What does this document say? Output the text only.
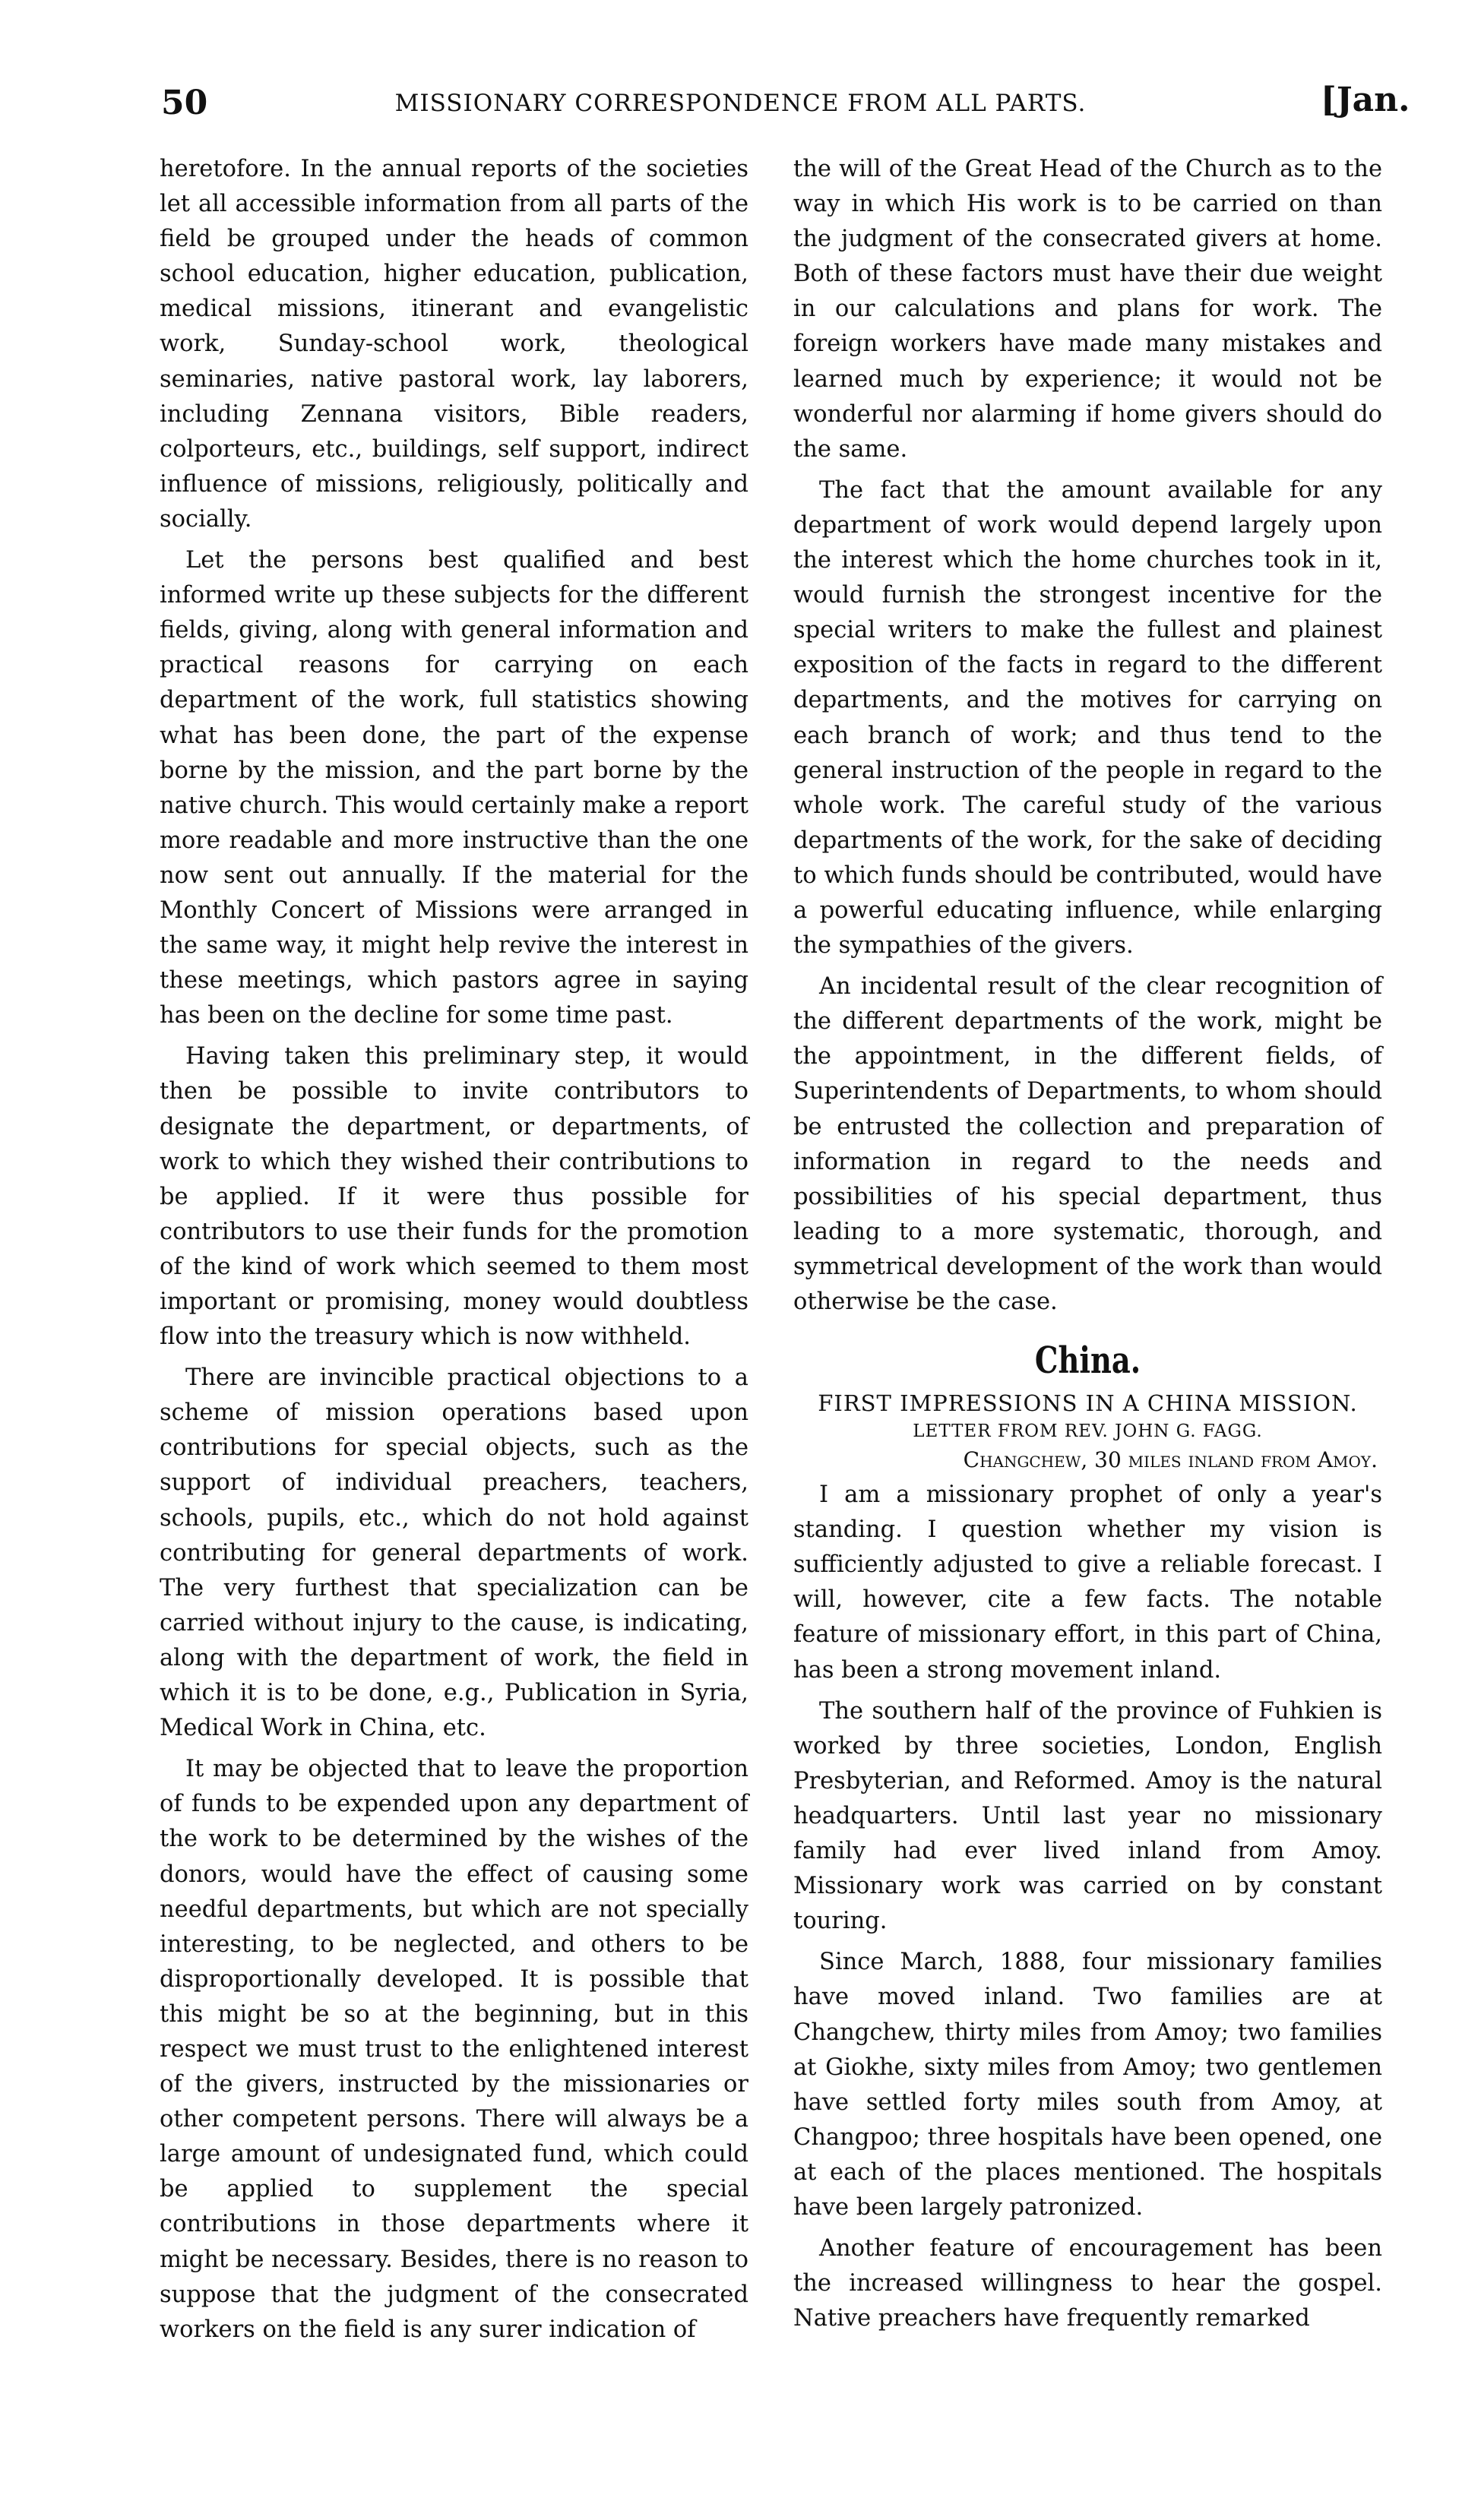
50	MISSIONARY CORRESPONDENCE FROM ALL PARTS.	[Jan.

heretofore. In the annual reports of the societies let all accessible information from all parts of the field be grouped under the heads of common school education, higher education, publication, medical missions, itinerant and evangelistic work, Sunday-school work, theological seminaries, native pastoral work, lay laborers, including Zennana visitors, Bible readers, colporteurs, etc., buildings, self support, indirect influence of missions, religiously, politically and socially.

Let the persons best qualified and best informed write up these subjects for the different fields, giving, along with general information and practical reasons for carrying on each department of the work, full statistics showing what has been done, the part of the expense borne by the mission, and the part borne by the native church. This would certainly make a report more readable and more instructive than the one now sent out annually. If the material for the Monthly Concert of Missions were arranged in the same way, it might help revive the interest in these meetings, which pastors agree in saying has been on the decline for some time past.

Having taken this preliminary step, it would then be possible to invite contributors to designate the department, or departments, of work to which they wished their contributions to be applied. If it were thus possible for contributors to use their funds for the promotion of the kind of work which seemed to them most important or promising, money would doubtless flow into the treasury which is now withheld.

There are invincible practical objections to a scheme of mission operations based upon contributions for special objects, such as the support of individual preachers, teachers, schools, pupils, etc., which do not hold against contributing for general departments of work. The very furthest that specialization can be carried without injury to the cause, is indicating, along with the department of work, the field in which it is to be done, e.g., Publication in Syria, Medical Work in China, etc.

It may be objected that to leave the proportion of funds to be expended upon any department of the work to be determined by the wishes of the donors, would have the effect of causing some needful departments, but which are not specially interesting, to be neglected, and others to be disproportionally developed. It is possible that this might be so at the beginning, but in this respect we must trust to the enlightened interest of the givers, instructed by the missionaries or other competent persons. There will always be a large amount of undesignated fund, which could be applied to supplement the special contributions in those departments where it might be necessary. Besides, there is no reason to suppose that the judgment of the consecrated workers on the field is any surer indication of

the will of the Great Head of the Church as to the way in which His work is to be carried on than the judgment of the consecrated givers at home. Both of these factors must have their due weight in our calculations and plans for work. The foreign workers have made many mistakes and learned much by experience; it would not be wonderful nor alarming if home givers should do the same.

The fact that the amount available for any department of work would depend largely upon the interest which the home churches took in it, would furnish the strongest incentive for the special writers to make the fullest and plainest exposition of the facts in regard to the different departments, and the motives for carrying on each branch of work; and thus tend to the general instruction of the people in regard to the whole work. The careful study of the various departments of the work, for the sake of deciding to which funds should be contributed, would have a powerful educating influence, while enlarging the sympathies of the givers.

An incidental result of the clear recognition of the different departments of the work, might be the appointment, in the different fields, of Superintendents of Departments, to whom should be entrusted the collection and preparation of information in regard to the needs and possibilities of his special department, thus leading to a more systematic, thorough, and symmetrical development of the work than would otherwise be the case.

China.
FIRST IMPRESSIONS IN A CHINA MISSION.
LETTER FROM REV. JOHN G. FAGG.
Changchew, 30 miles inland from Amoy.

I am a missionary prophet of only a year's standing. I question whether my vision is sufficiently adjusted to give a reliable forecast. I will, however, cite a few facts. The notable feature of missionary effort, in this part of China, has been a strong movement inland.

The southern half of the province of Fuhkien is worked by three societies, London, English Presbyterian, and Reformed. Amoy is the natural headquarters. Until last year no missionary family had ever lived inland from Amoy. Missionary work was carried on by constant touring.

Since March, 1888, four missionary families have moved inland. Two families are at Changchew, thirty miles from Amoy; two families at Giokhe, sixty miles from Amoy; two gentlemen have settled forty miles south from Amoy, at Changpoo; three hospitals have been opened, one at each of the places mentioned. The hospitals have been largely patronized.

Another feature of encouragement has been the increased willingness to hear the gospel. Native preachers have frequently remarked
